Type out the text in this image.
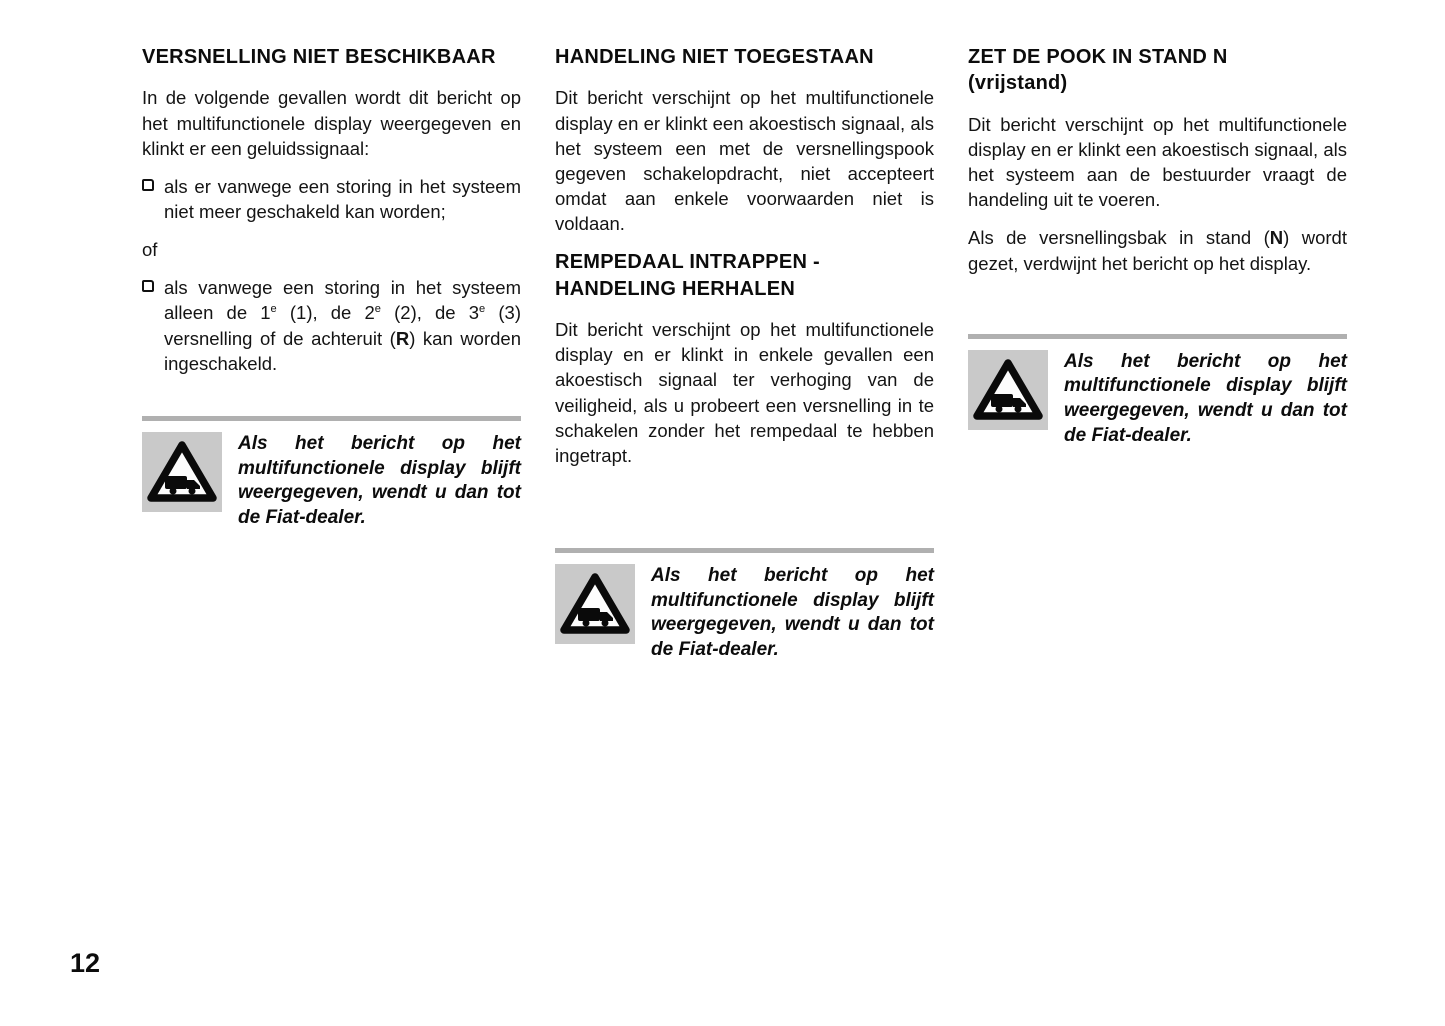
VERSNELLING NIET BESCHIKBAAR

In de volgende gevallen wordt dit bericht op het multifunctionele display weergegeven en klinkt er een geluidssignaal:

als er vanwege een storing in het systeem niet meer geschakeld kan worden;

of

als vanwege een storing in het systeem alleen de 1e (1), de 2e (2), de 3e (3) versnelling of de achteruit (R) kan worden ingeschakeld.

Als het bericht op het multifunctionele display blijft weergegeven, wendt u dan tot de Fiat-dealer.

HANDELING NIET TOEGESTAAN

Dit bericht verschijnt op het multifunctionele display en er klinkt een akoestisch signaal, als het systeem een met de versnellingspook gegeven schakelopdracht, niet accepteert omdat aan enkele voorwaarden niet is voldaan.

REMPEDAAL INTRAPPEN - HANDELING HERHALEN

Dit bericht verschijnt op het multifunctionele display en er klinkt in enkele gevallen een akoestisch signaal ter verhoging van de veiligheid, als u probeert een versnelling in te schakelen zonder het rempedaal te hebben ingetrapt.

Als het bericht op het multifunctionele display blijft weergegeven, wendt u dan tot de Fiat-dealer.

ZET DE POOK IN STAND N
(vrijstand)

Dit bericht verschijnt op het multifunctionele display en er klinkt een akoestisch signaal, als het systeem aan de bestuurder vraagt de handeling uit te voeren.

Als de versnellingsbak in stand (N) wordt gezet, verdwijnt het bericht op het display.

Als het bericht op het multifunctionele display blijft weergegeven, wendt u dan tot de Fiat-dealer.

12
